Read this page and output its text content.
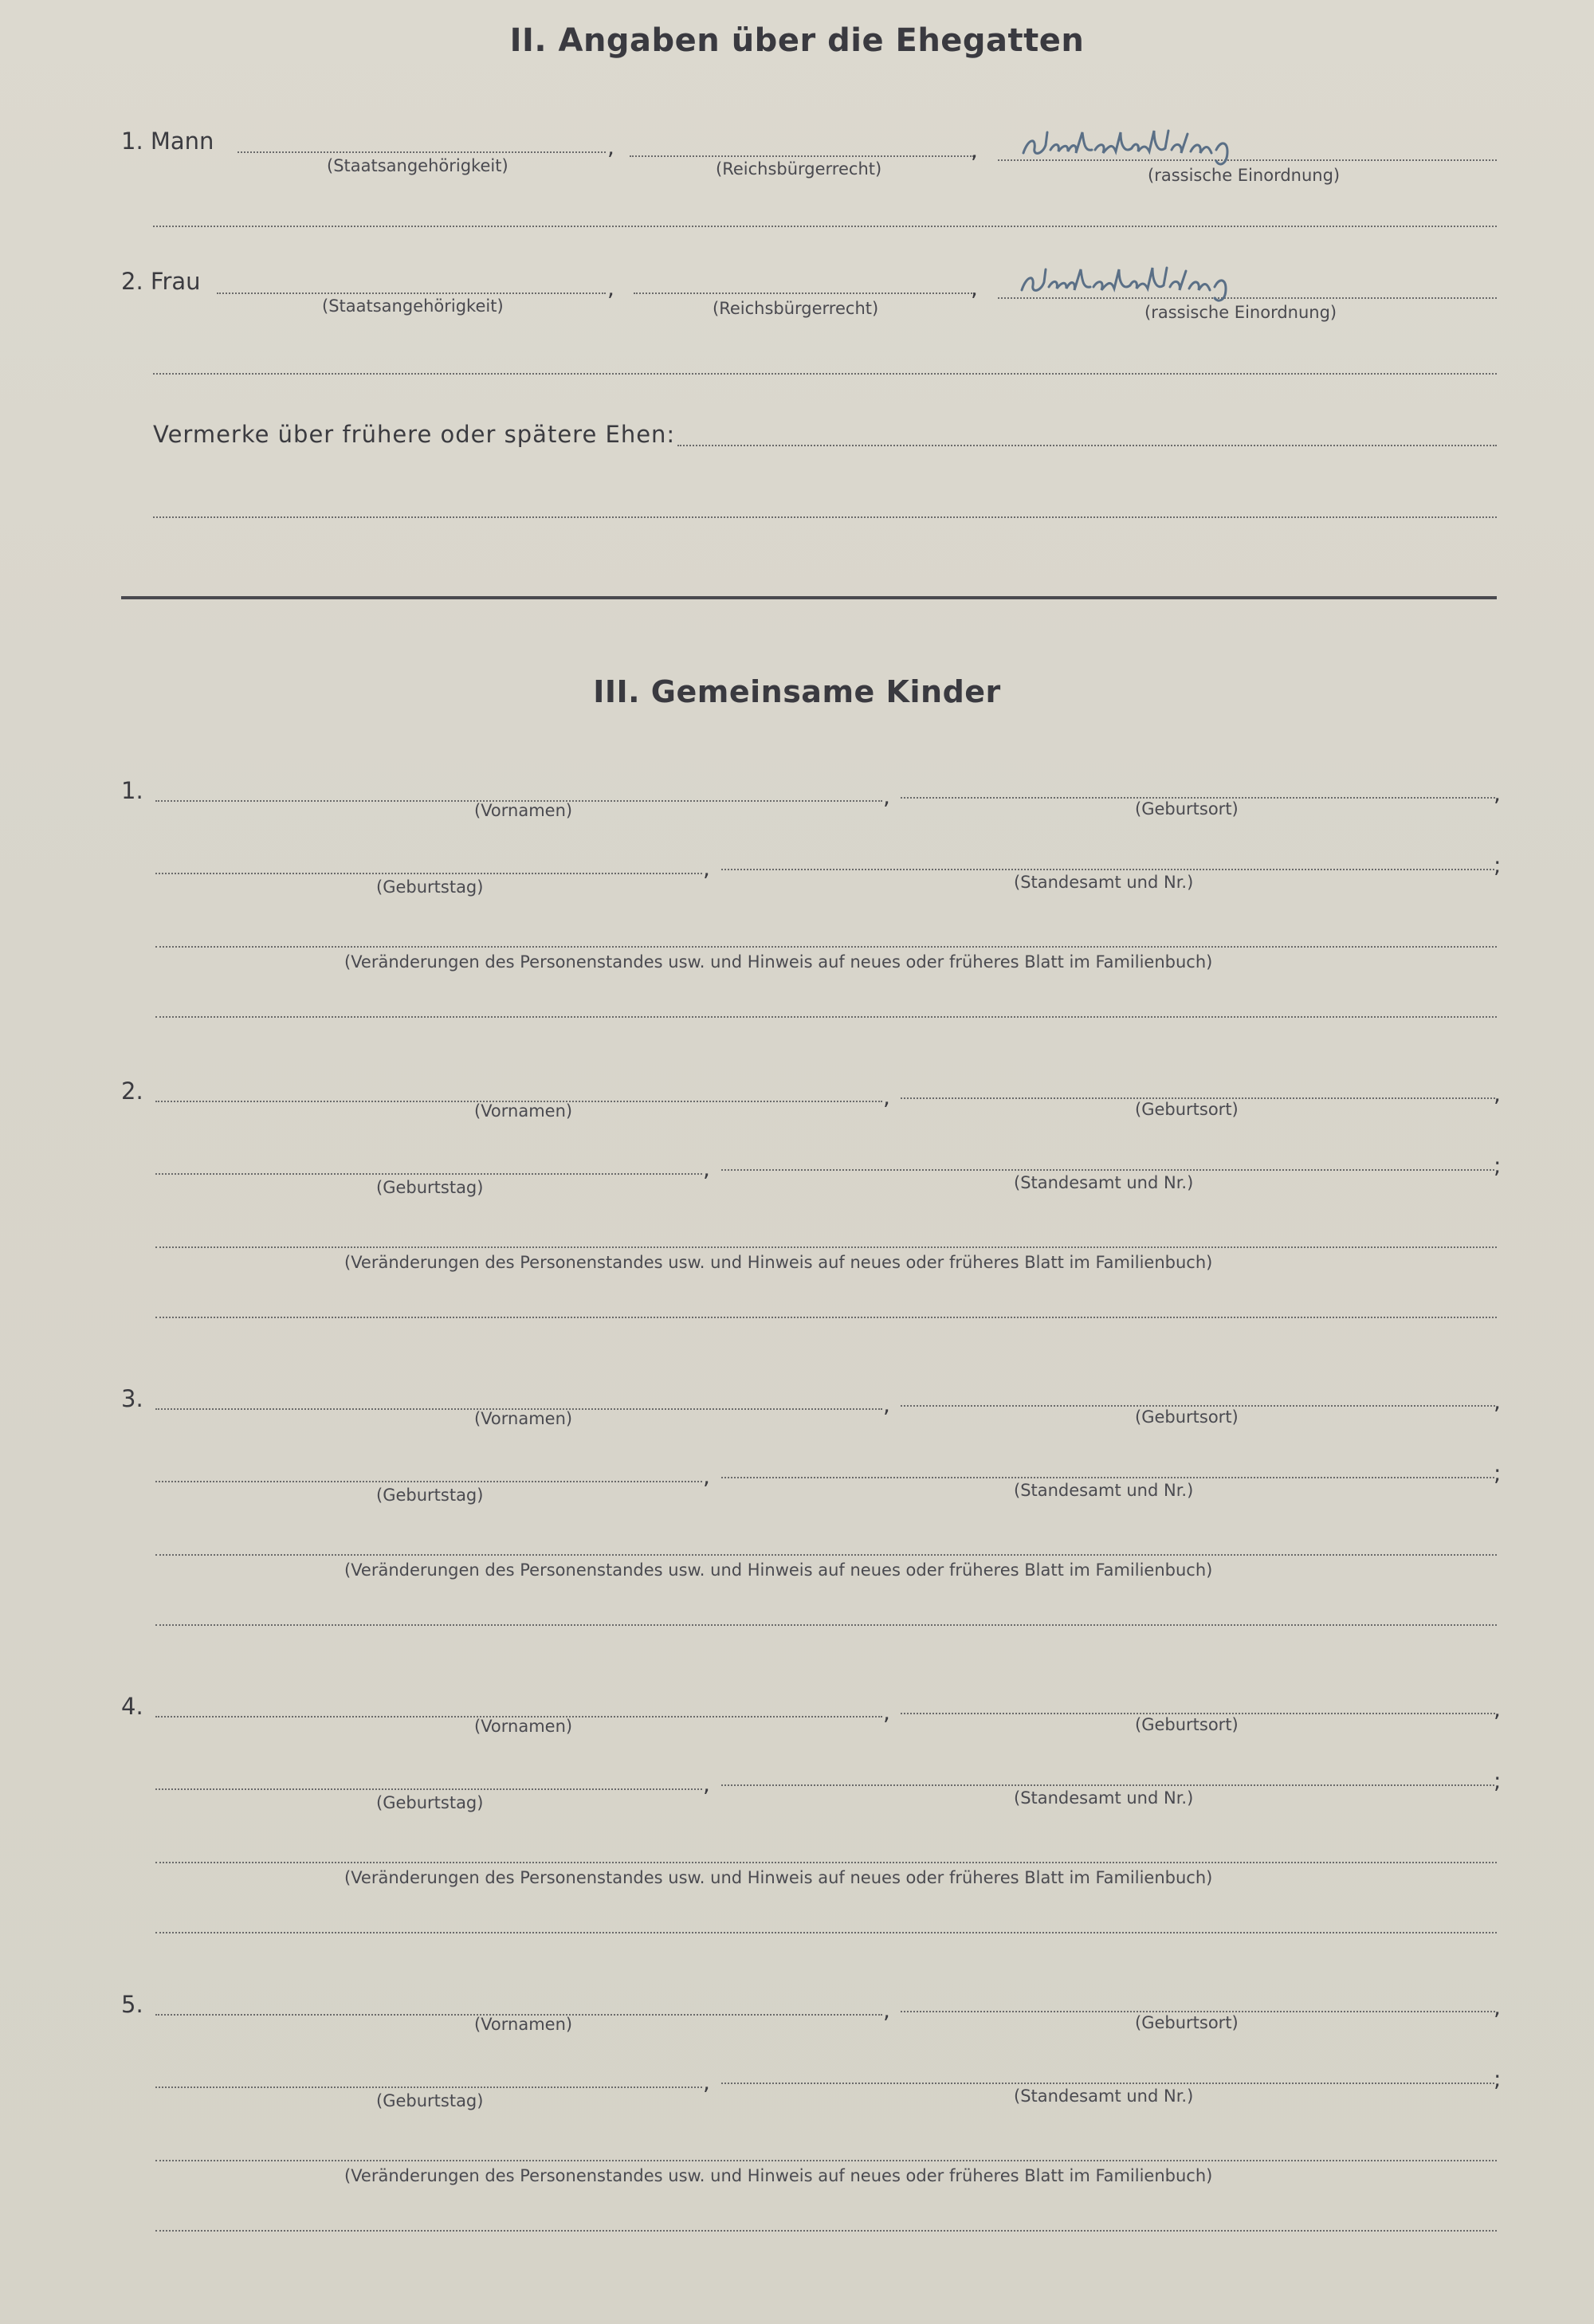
II. Angaben über die Ehegatten
1. Mann	,	,
(Staatsangehörigkeit)	(Reichsbürgerrecht)	(rassische Einordnung)
2. Frau	,	,
(Staatsangehörigkeit)	(Reichsbürgerrecht)	(rassische Einordnung)
Vermerke über frühere oder spätere Ehen:
III. Gemeinsame Kinder
1.	,	,
(Vornamen)	(Geburtsort)
,	;
(Geburtstag)	(Standesamt und Nr.)
(Veränderungen des Personenstandes usw. und Hinweis auf neues oder früheres Blatt im Familienbuch)
2.	,	,
(Vornamen)	(Geburtsort)
,	;
(Geburtstag)	(Standesamt und Nr.)
(Veränderungen des Personenstandes usw. und Hinweis auf neues oder früheres Blatt im Familienbuch)
3.	,	,
(Vornamen)	(Geburtsort)
,	;
(Geburtstag)	(Standesamt und Nr.)
(Veränderungen des Personenstandes usw. und Hinweis auf neues oder früheres Blatt im Familienbuch)
4.	,	,
(Vornamen)	(Geburtsort)
,	;
(Geburtstag)	(Standesamt und Nr.)
(Veränderungen des Personenstandes usw. und Hinweis auf neues oder früheres Blatt im Familienbuch)
5.	,	,
(Vornamen)	(Geburtsort)
,	;
(Geburtstag)	(Standesamt und Nr.)
(Veränderungen des Personenstandes usw. und Hinweis auf neues oder früheres Blatt im Familienbuch)
